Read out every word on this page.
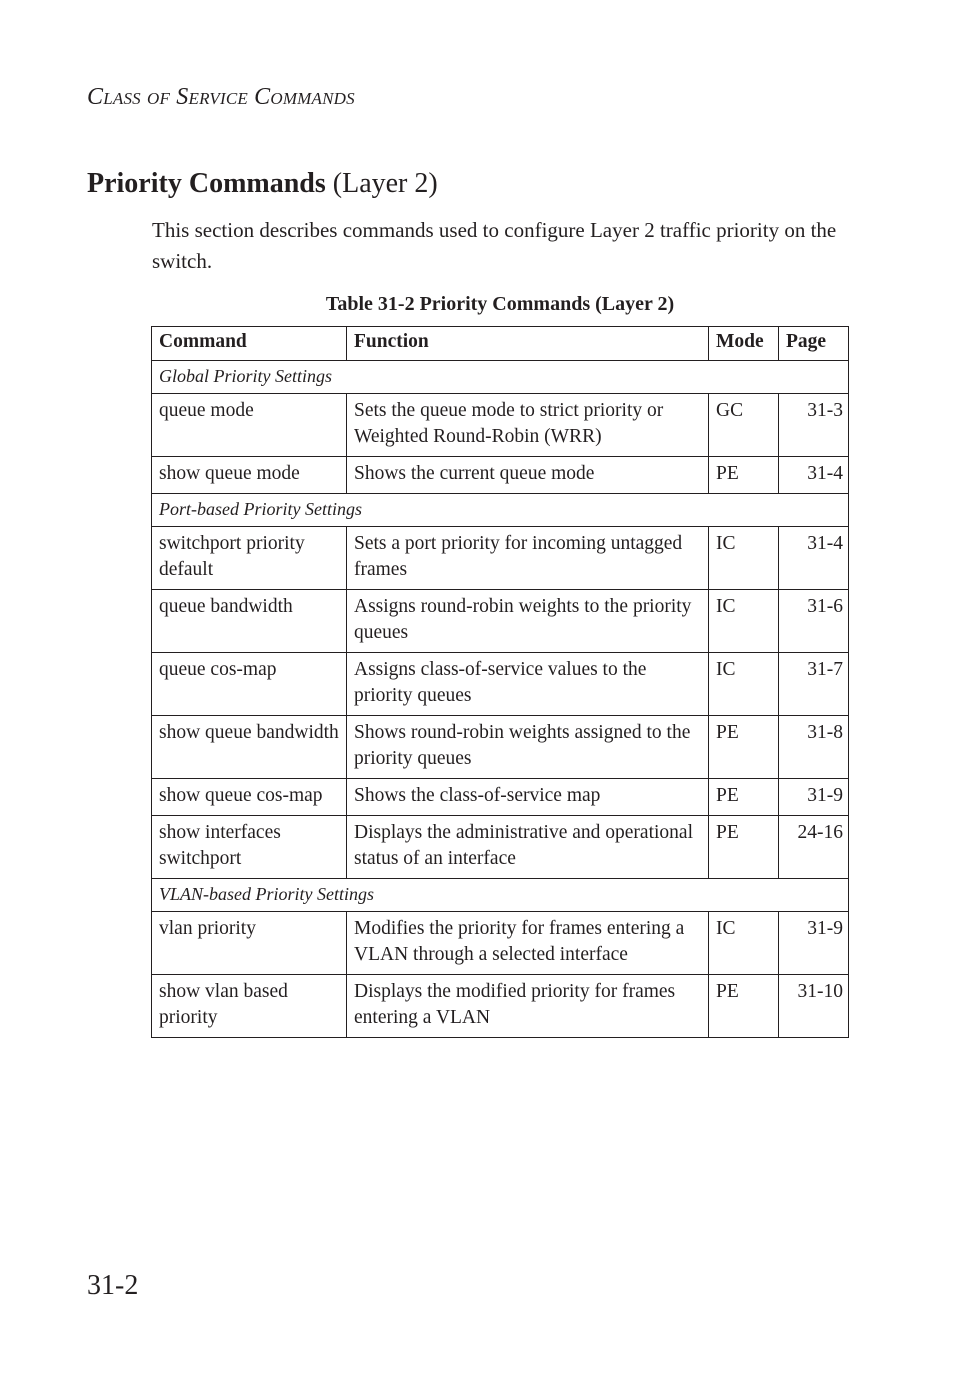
Class of Service Commands
Priority Commands (Layer 2)
This section describes commands used to configure Layer 2 traffic priority on the switch.
Table 31-2 Priority Commands (Layer 2)
Command	Function	Mode	Page
Global Priority Settings			
queue mode	Sets the queue mode to strict priority or Weighted Round-Robin (WRR)	GC	31-3
show queue mode	Shows the current queue mode	PE	31-4
Port-based Priority Settings			
switchport priority default	Sets a port priority for incoming untagged frames	IC	31-4
queue bandwidth	Assigns round-robin weights to the priority queues	IC	31-6
queue cos-map	Assigns class-of-service values to the priority queues	IC	31-7
show queue bandwidth	Shows round-robin weights assigned to the priority queues	PE	31-8
show queue cos-map	Shows the class-of-service map	PE	31-9
show interfaces switchport	Displays the administrative and operational status of an interface	PE	24-16
VLAN-based Priority Settings			
vlan priority	Modifies the priority for frames entering a VLAN through a selected interface	IC	31-9
show vlan based priority	Displays the modified priority for frames entering a VLAN	PE	31-10
31-2
